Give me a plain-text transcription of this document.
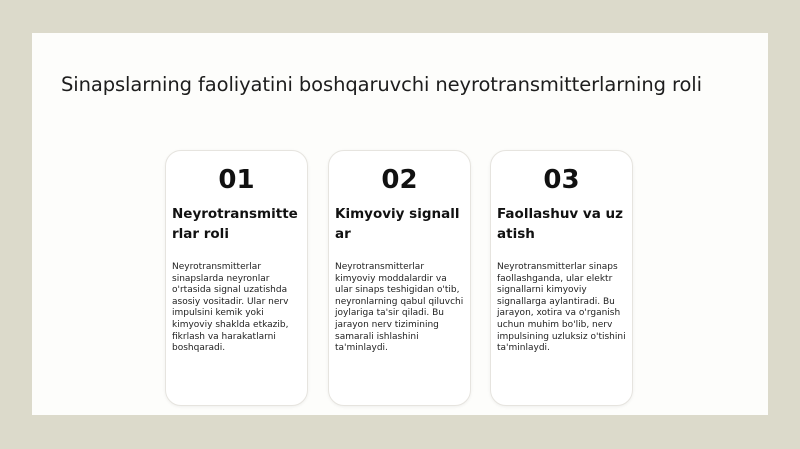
Sinapslarning faoliyatini boshqaruvchi neyrotransmitterlarning roli
01
Neyrotransmitterlar roli
Neyrotransmitterlar sinapslarda neyronlar o'rtasida signal uzatishda asosiy vositadir. Ular nerv impulsini kemik yoki kimyoviy shaklda etkazib, fikrlash va harakatlarni boshqaradi.
02
Kimyoviy signallar
Neyrotransmitterlar kimyoviy moddalardir va ular sinaps teshigidan o'tib, neyronlarning qabul qiluvchi joylariga ta'sir qiladi. Bu jarayon nerv tizimining samarali ishlashini ta'minlaydi.
03
Faollashuv va uzatish
Neyrotransmitterlar sinaps faollashganda, ular elektr signallarni kimyoviy signallarga aylantiradi. Bu jarayon, xotira va o'rganish uchun muhim bo'lib, nerv impulsining uzluksiz o'tishini ta'minlaydi.
